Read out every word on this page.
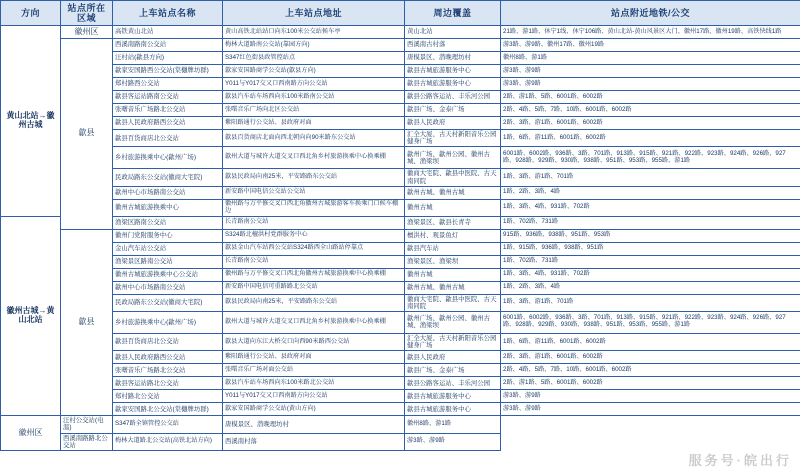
方向	站点所在区域	上车站点名称	上车站点地址	周边覆盖	站点附近地铁/公交
黄山北站→徽州古城	徽州区	高铁黄山北站	黄山高铁北站站口向东100米公交站候车亭	黄山北站	21路、游1路、休宁1线、休宁106路、黄山北站-黄山风景区大门、徽州17路、徽州19路、高铁快线1路
	歙县	西溪南路南公交站	梅林大道路南公交站(靠园方向)	西溪南古村落	游3路、游9路、徽州17路、徽州19路
		汪村站(歙县方向)	S347红色街县政管控站点	唐模景区、潜晚理坊村	徽州8路、游1路
		歙家安国路西公交站(棠樾牌坊群)	歙家安国路商学公交站(歙县方向)	歙县古城旅游服务中心	游3路、游9路
		郑村路西公交站	Y011与Y017交又口西南路方向公交站	歙县古城旅游服务中心	游3路、游9路
		歙县客运站路南公交站	歙县汽车站车场西向东100米路南公交站	歙县公路客运站、丰乐河公园	2路、游1路、5路、6001路、6002路
		张曙音乐广场路北公交站	张曙音乐广场向北区公交站	歙县广场、金泰广场	2路、4路、5路、7路、10路、6001路、6002路
		歙县人民政府路西公交站	紫阳路通行公交站、县政府对面	歙县人民政府	2路、3路、游1路、6001路、6002路
		歙县百货商店北公交站	歙县百货商店北面向西北朝向向90米路东公交站	汇全大厦、古天村新阳音乐公园健身广场	1路、6路、游11路、6001路、6002路
		乡村旅游换乘中心(歙州广场)	歙州大道与城许大道交叉口西北角乡村旅游换乘中心换乘棚	歙州广场、歙州公园、徽州古城、渔梁坝	6001路、6002路、936路、3路、701路、913路、915路、921路、922路、923路、924路、926路、927路、928路、929路、930路、938路、951路、953路、955路、游1路
		民政局路东公交站(徽商大宅院)	歙县民政局向南25米，平安路路东公交站	徽商大宅院、歙县中医院、古天南同院	1路、3路、游1路、701路
		歙州中心市场路南公交站	新安路中国电信公交站公交站	歙州古城、徽州古城	1路、2路、3路、4路
		徽州古城旅游换乘中心	徽州路与万平修交叉口西北角徽州古城旅游客车换乘门口候车棚边	徽州古城	1路、3路、4路、931路、702路
徽州古城→黄山北站		渔梁区路南公交站	长青路南公交站	渔梁景区、歙县长青寺	1路、702路、731路
	歙县	徽州门党附服务中心	S324路北檀洪村党群服务中心	檀洪村、观景鱼灯	915路、936路、938路、951路、953路
		金山汽车站公交站	歙县金山汽车站西公交站S324路西全山路站停靠点	歙县汽车站	1路、915路、936路、938路、951路
		渔梁景区路南公交站	长青路南公交站	渔梁景区、渔梁坝	1路、702路、731路
		徽州古城旅游换乘中心公交站	徽州路与万平修交叉口西北角徽州古城旅游换乘中心换乘棚	徽州古城	1路、3路、4路、931路、702路
		歙州中心市场路南公交站	新安路中国电信可重路路北公交站	歙州古城、徽州古城	1路、2路、3路、4路
		民政局路东公交站(徽商大宅院)	歙县民政局向南25米，平安路路东公交站	徽商大宅院、歙县中医院、古天南同院	1路、3路、游1路、701路
		乡村旅游换乘中心(歙州广场)	歙州大道与城许大道交叉口西北角乡村旅游换乘中心换乘棚	歙州广场、歙州公园、徽州古城、渔梁坝	6001路、6002路、936路、3路、701路、913路、915路、921路、922路、923路、924路、926路、927路、928路、929路、930路、938路、951路、953路、955路、游1路
		歙县百货商店北公交站	歙县大道向东江大桥交口向西90米路西公交站	汇全大厦、古天村新阳音乐公园健身广场	1路、6路、游11路、6001路、6002路
		歙县人民政府路西公交站	紫阳路通行公交站、县政府对面	歙县人民政府	2路、3路、游1路、6001路、6002路
		张曙音乐广场路北公交站	张曙音乐广场对面公交站	歙县广场、金泰广场	2路、4路、5路、7路、10路、6001路、6002路
		歙县客运站路北公交站	歙县汽车站车场西向东100米路北公交站	歙县公路客运站、丰乐河公园	2路、游1路、5路、6001路、6002路
		郑村路北公交站	Y011与Y017交又口西南路方向公交站	歙县古城旅游服务中心	游3路、游9路
		歙家安国路北公交站(棠樾牌坊群)	歙家安国路商学公交站(黄山方向)	歙县古城旅游服务中心	游3路、游9路
徽州区	汪村公交站(电温)	S347路全镇管控公交站	唐模景区、潜晚理坊村	徽州8路、游1路	
	西溪南路路北公交站	梅林大道路北公交站(高铁北站方向)	西溪南村落	游3路、游9路	
服务号·皖出行
